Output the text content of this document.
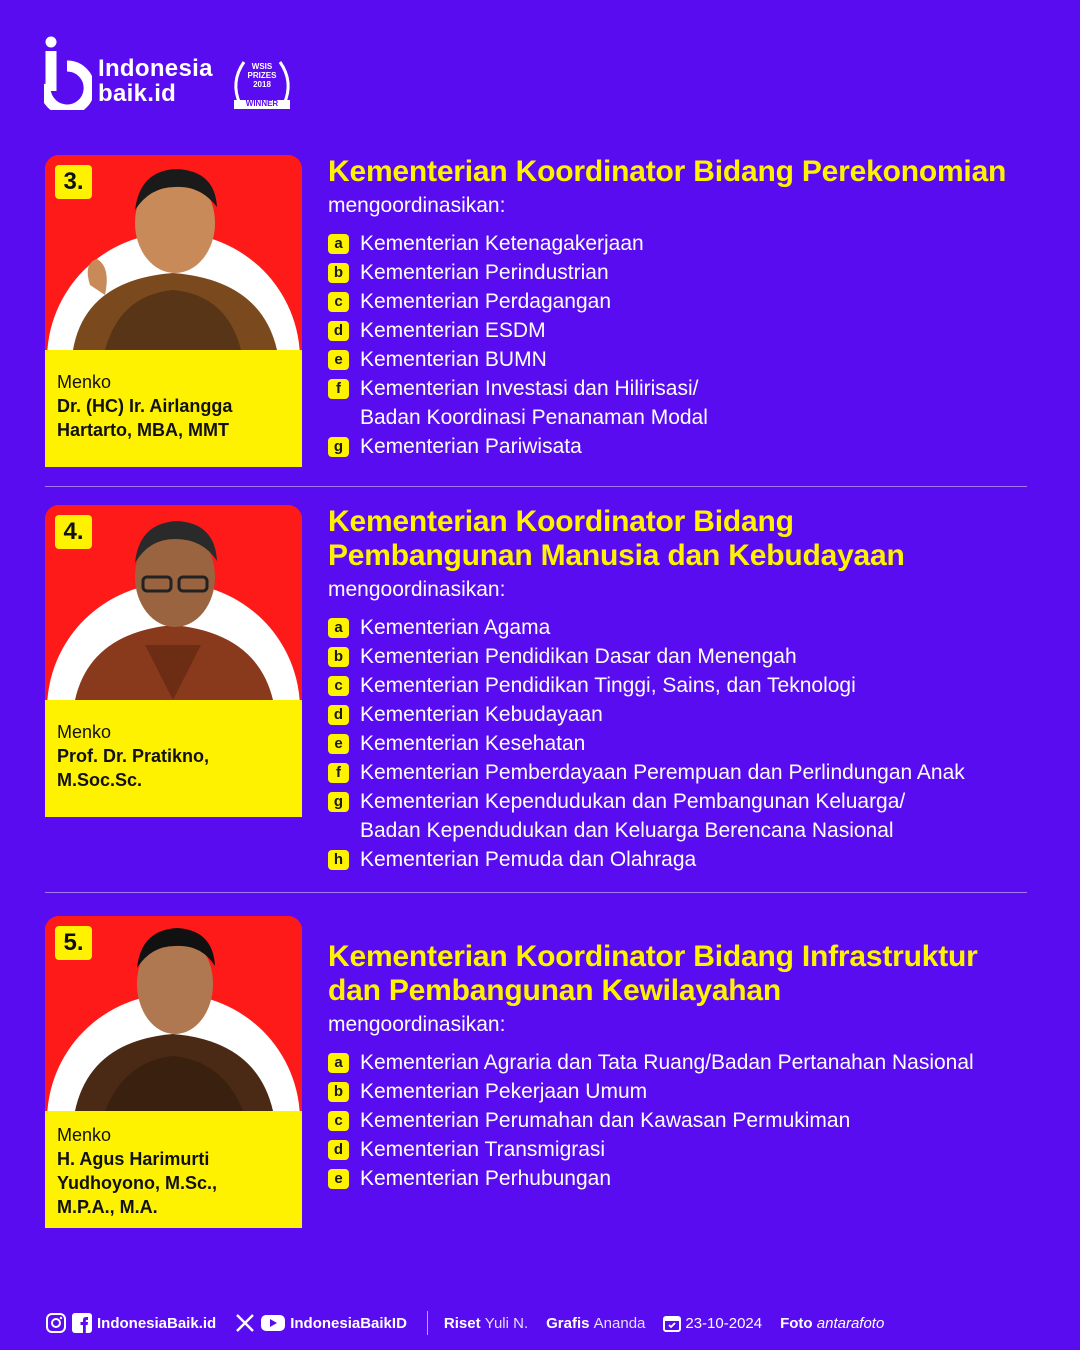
Indonesia
baik.id
WSIS
PRIZES
2018
WINNER
3.
Menko
Dr. (HC) Ir. Airlangga
Hartarto, MBA, MMT
Kementerian Koordinator Bidang Perekonomian
mengoordinasikan:
a Kementerian Ketenagakerjaan
b Kementerian Perindustrian
c Kementerian Perdagangan
d Kementerian ESDM
e Kementerian BUMN
f Kementerian Investasi dan Hilirisasi/
Badan Koordinasi Penanaman Modal
g Kementerian Pariwisata
4.
Menko
Prof. Dr. Pratikno,
M.Soc.Sc.
Kementerian Koordinator Bidang
Pembangunan Manusia dan Kebudayaan
mengoordinasikan:
a Kementerian Agama
b Kementerian Pendidikan Dasar dan Menengah
c Kementerian Pendidikan Tinggi, Sains, dan Teknologi
d Kementerian Kebudayaan
e Kementerian Kesehatan
f Kementerian Pemberdayaan Perempuan dan Perlindungan Anak
g Kementerian Kependudukan dan Pembangunan Keluarga/
Badan Kependudukan dan Keluarga Berencana Nasional
h Kementerian Pemuda dan Olahraga
5.
Menko
H. Agus Harimurti
Yudhoyono, M.Sc.,
M.P.A., M.A.
Kementerian Koordinator Bidang Infrastruktur
dan Pembangunan Kewilayahan
mengoordinasikan:
a Kementerian Agraria dan Tata Ruang/Badan Pertanahan Nasional
b Kementerian Pekerjaan Umum
c Kementerian Perumahan dan Kawasan Permukiman
d Kementerian Transmigrasi
e Kementerian Perhubungan
IndonesiaBaik.id	IndonesiaBaikID Riset
Yuli N. Grafis
Ananda	23-10-2024 Foto
antarafoto
